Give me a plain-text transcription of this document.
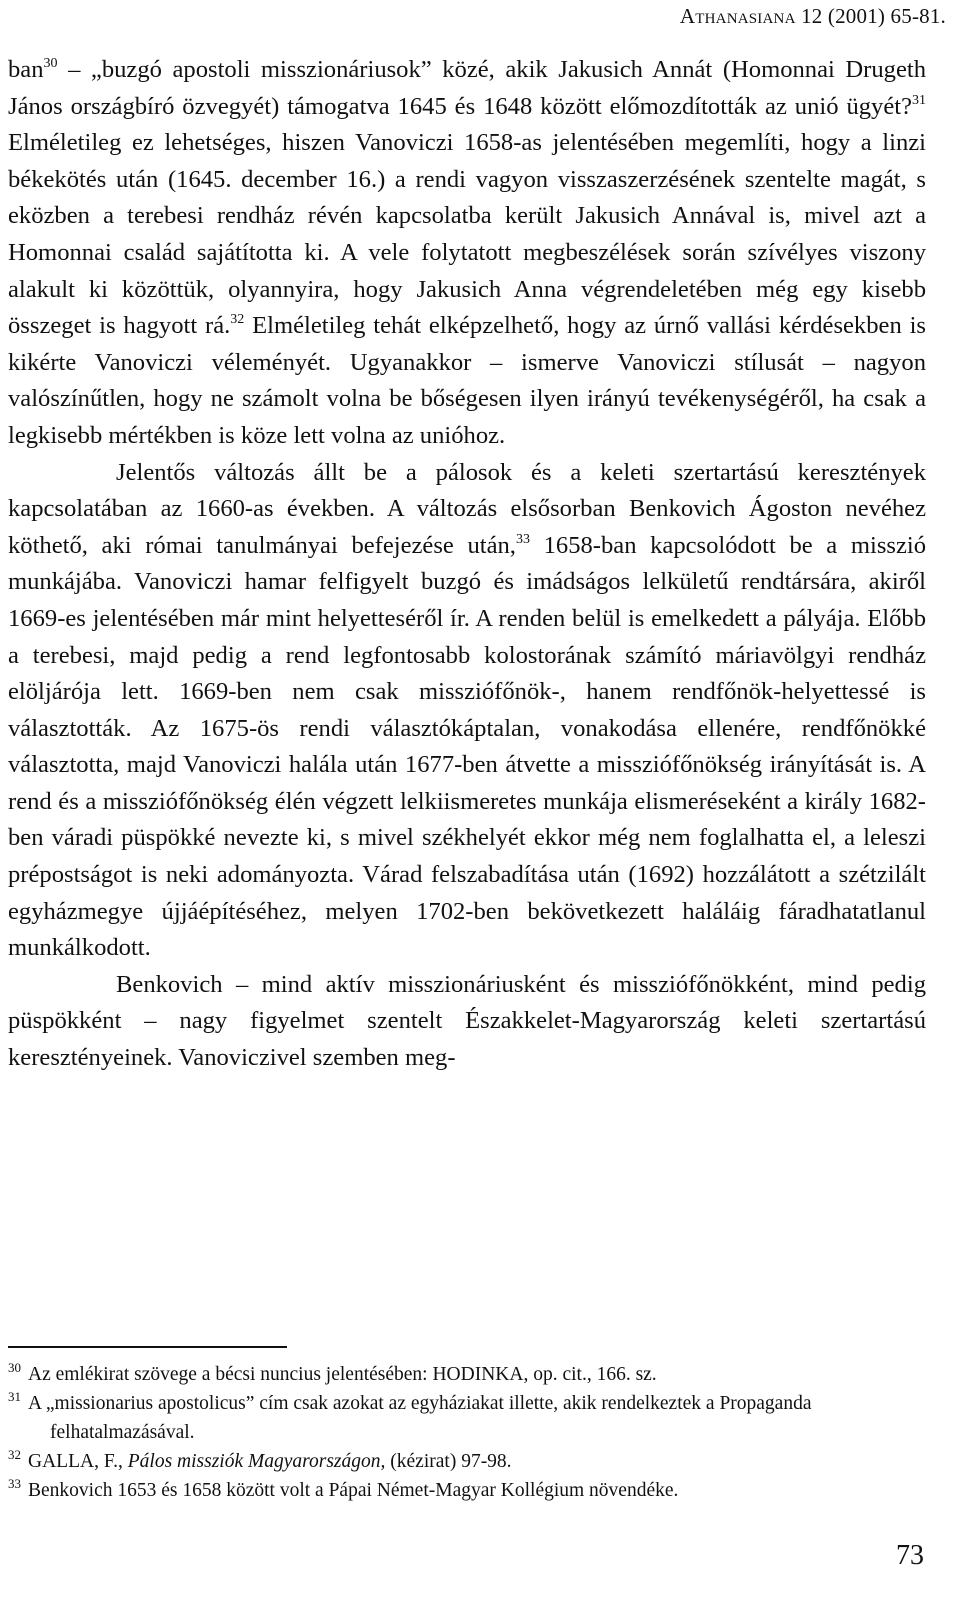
Athanasiana 12 (2001) 65-81.

ban$^{30}$ – „buzgó apostoli misszionáriusok” közé, akik Jakusich Annát (Homonnai Drugeth János országbíró özvegyét) támogatva 1645 és 1648 között előmozdították az unió ügyét?$^{31}$ Elméletileg ez lehetséges, hiszen Vanoviczi 1658-as jelentésében megemlíti, hogy a linzi békekötés után (1645. december 16.) a rendi vagyon visszaszerzésének szentelte magát, s eközben a terebesi rendház révén kapcsolatba került Jakusich Annával is, mivel azt a Homonnai család sajátította ki. A vele folytatott megbeszélések során szívélyes viszony alakult ki közöttük, olyannyira, hogy Jakusich Anna végrendeletében még egy kisebb összeget is hagyott rá.$^{32}$ Elméletileg tehát elképzelhető, hogy az úrnő vallási kérdésekben is kikérte Vanoviczi véleményét. Ugyanakkor – ismerve Vanoviczi stílusát – nagyon valószínűtlen, hogy ne számolt volna be bőségesen ilyen irányú tevékenységéről, ha csak a legkisebb mértékben is köze lett volna az unióhoz.

Jelentős változás állt be a pálosok és a keleti szertartású keresztények kapcsolatában az 1660-as években. A változás elsősorban Benkovich Ágoston nevéhez köthető, aki római tanulmányai befejezése után,$^{33}$ 1658-ban kapcsolódott be a misszió munkájába. Vanoviczi hamar felfigyelt buzgó és imádságos lelkületű rendtársára, akiről 1669-es jelentésében már mint helyetteséről ír. A renden belül is emelkedett a pályája. Előbb a terebesi, majd pedig a rend legfontosabb kolostorának számító máriavölgyi rendház elöljárója lett. 1669-ben nem csak missziófőnök-, hanem rendfőnök-helyettessé is választották. Az 1675-ös rendi választókáptalan, vonakodása ellenére, rendfőnökké választotta, majd Vanoviczi halála után 1677-ben átvette a missziófőnökség irányítását is. A rend és a missziófőnökség élén végzett lelkiismeretes munkája elismeréseként a király 1682-ben váradi püspökké nevezte ki, s mivel székhelyét ekkor még nem foglalhatta el, a leleszi prépostságot is neki adományozta. Várad felszabadítása után (1692) hozzálátott a szétzilált egyházmegye újjáépítéséhez, melyen 1702-ben bekövetkezett haláláig fáradhatatlanul munkálkodott.

Benkovich – mind aktív misszionáriusként és missziófőnökként, mind pedig püspökként – nagy figyelmet szentelt Északkelet-Magyarország keleti szertartású keresztényeinek. Vanoviczivel szemben meg-

30 Az emlékirat szövege a bécsi nuncius jelentésében: HODINKA, op. cit., 166. sz.

31 A „missionarius apostolicus” cím csak azokat az egyháziakat illette, akik rendelkeztek a Propaganda felhatalmazásával.

32 GALLA, F., Pálos missziók Magyarországon, (kézirat) 97-98.

33 Benkovich 1653 és 1658 között volt a Pápai Német-Magyar Kollégium növendéke.

73
